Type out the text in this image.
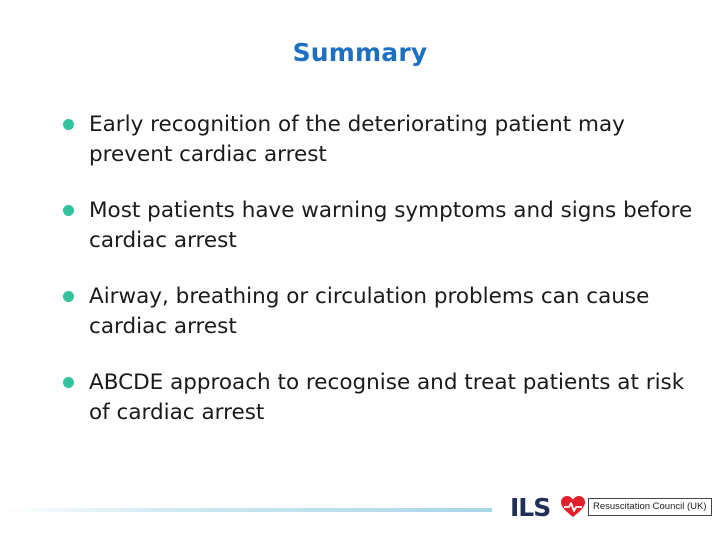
Summary
Early recognition of the deteriorating patient may prevent cardiac arrest
Most patients have warning symptoms and signs before cardiac arrest
Airway, breathing or circulation problems can cause cardiac arrest
ABCDE approach to recognise and treat patients at risk of cardiac arrest
ILS	Resuscitation Council (UK)
